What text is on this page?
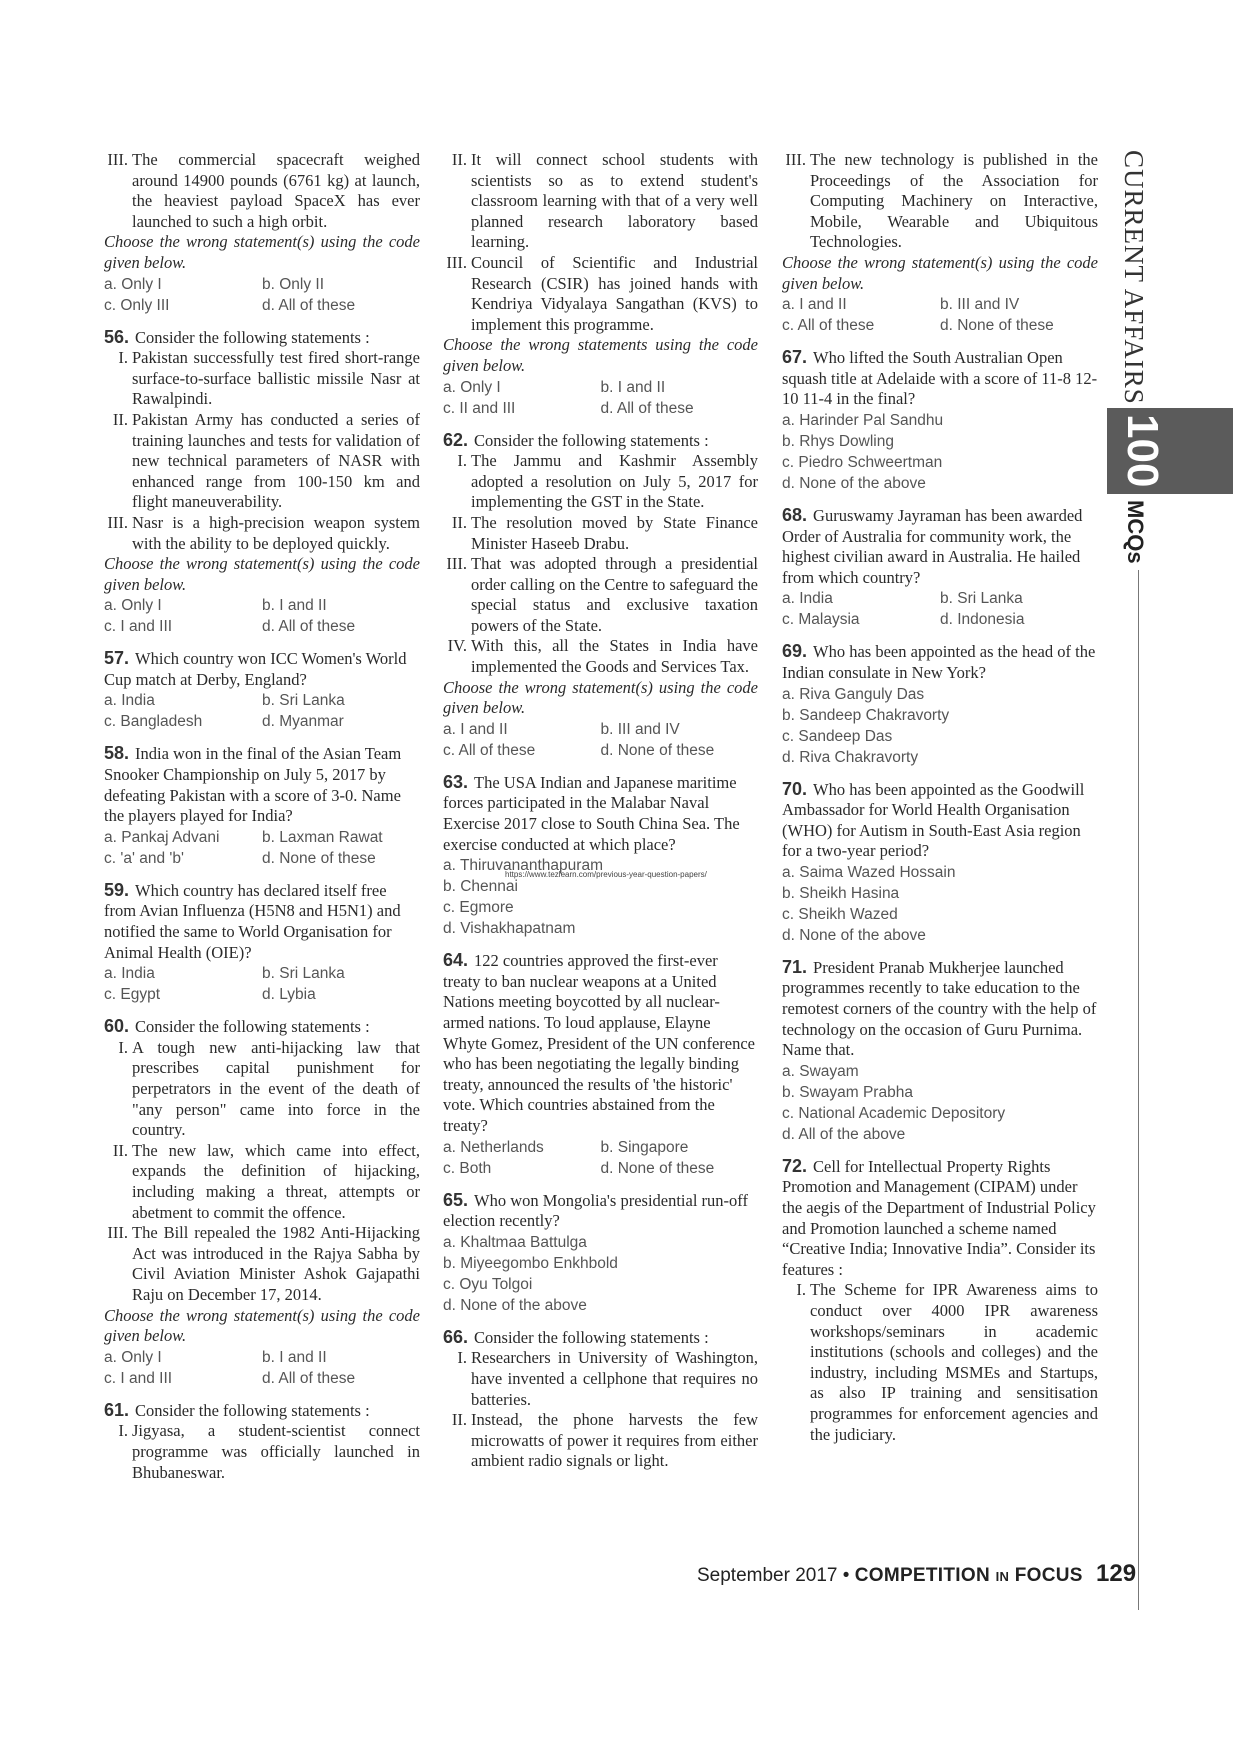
III. The commercial spacecraft weighed around 14900 pounds (6761 kg) at launch, the heaviest payload SpaceX has ever launched to such a high orbit.
Choose the wrong statement(s) using the code given below.
a. Only I	b. Only II
c. Only III	d. All of these
56. Consider the following statements :
I. Pakistan successfully test fired short-range surface-to-surface ballistic missile Nasr at Rawalpindi.
II. Pakistan Army has conducted a series of training launches and tests for validation of new technical parameters of NASR with enhanced range from 100-150 km and flight maneuverability.
III. Nasr is a high-precision weapon system with the ability to be deployed quickly.
Choose the wrong statement(s) using the code given below.
a. Only I	b. I and II
c. I and III	d. All of these
57. Which country won ICC Women's World Cup match at Derby, England?
a. India	b. Sri Lanka
c. Bangladesh	d. Myanmar
58. India won in the final of the Asian Team Snooker Championship on July 5, 2017 by defeating Pakistan with a score of 3-0. Name the players played for India?
a. Pankaj Advani	b. Laxman Rawat
c. 'a' and 'b'	d. None of these
59. Which country has declared itself free from Avian Influenza (H5N8 and H5N1) and notified the same to World Organisation for Animal Health (OIE)?
a. India	b. Sri Lanka
c. Egypt	d. Lybia
60. Consider the following statements :
I. A tough new anti-hijacking law that prescribes capital punishment for perpetrators in the event of the death of "any person" came into force in the country.
II. The new law, which came into effect, expands the definition of hijacking, including making a threat, attempts or abetment to commit the offence.
III. The Bill repealed the 1982 Anti-Hijacking Act was introduced in the Rajya Sabha by Civil Aviation Minister Ashok Gajapathi Raju on December 17, 2014.
Choose the wrong statement(s) using the code given below.
a. Only I	b. I and II
c. I and III	d. All of these
61. Consider the following statements :
I. Jigyasa, a student-scientist connect programme was officially launched in Bhubaneswar.
II. It will connect school students with scientists so as to extend student's classroom learning with that of a very well planned research laboratory based learning.
III. Council of Scientific and Industrial Research (CSIR) has joined hands with Kendriya Vidyalaya Sangathan (KVS) to implement this programme.
Choose the wrong statements using the code given below.
a. Only I	b. I and II
c. II and III	d. All of these
62. Consider the following statements :
I. The Jammu and Kashmir Assembly adopted a resolution on July 5, 2017 for implementing the GST in the State.
II. The resolution moved by State Finance Minister Haseeb Drabu.
III. That was adopted through a presidential order calling on the Centre to safeguard the special status and exclusive taxation powers of the State.
IV. With this, all the States in India have implemented the Goods and Services Tax.
Choose the wrong statement(s) using the code given below.
a. I and II	b. III and IV
c. All of these	d. None of these
63. The USA Indian and Japanese maritime forces participated in the Malabar Naval Exercise 2017 close to South China Sea. The exercise conducted at which place?
a. Thiruvananthapuram
b. Chennai
c. Egmore
d. Vishakhapatnam
64. 122 countries approved the first-ever treaty to ban nuclear weapons at a United Nations meeting boycotted by all nuclear-armed nations. To loud applause, Elayne Whyte Gomez, President of the UN conference who has been negotiating the legally binding treaty, announced the results of 'the historic' vote. Which countries abstained from the treaty?
a. Netherlands	b. Singapore
c. Both	d. None of these
65. Who won Mongolia's presidential run-off election recently?
a. Khaltmaa Battulga
b. Miyeegombo Enkhbold
c. Oyu Tolgoi
d. None of the above
66. Consider the following statements :
I. Researchers in University of Washington, have invented a cellphone that requires no batteries.
II. Instead, the phone harvests the few microwatts of power it requires from either ambient radio signals or light.
III. The new technology is published in the Proceedings of the Association for Computing Machinery on Interactive, Mobile, Wearable and Ubiquitous Technologies.
Choose the wrong statement(s) using the code given below.
a. I and II	b. III and IV
c. All of these	d. None of these
67. Who lifted the South Australian Open squash title at Adelaide with a score of 11-8 12-10 11-4 in the final?
a. Harinder Pal Sandhu
b. Rhys Dowling
c. Piedro Schweertman
d. None of the above
68. Guruswamy Jayraman has been awarded Order of Australia for community work, the highest civilian award in Australia. He hailed from which country?
a. India	b. Sri Lanka
c. Malaysia	d. Indonesia
69. Who has been appointed as the head of the Indian consulate in New York?
a. Riva Ganguly Das
b. Sandeep Chakravorty
c. Sandeep Das
d. Riva Chakravorty
70. Who has been appointed as the Goodwill Ambassador for World Health Organisation (WHO) for Autism in South-East Asia region for a two-year period?
a. Saima Wazed Hossain
b. Sheikh Hasina
c. Sheikh Wazed
d. None of the above
71. President Pranab Mukherjee launched programmes recently to take education to the remotest corners of the country with the help of technology on the occasion of Guru Purnima. Name that.
a. Swayam
b. Swayam Prabha
c. National Academic Depository
d. All of the above
72. Cell for Intellectual Property Rights Promotion and Management (CIPAM) under the aegis of the Department of Industrial Policy and Promotion launched a scheme named “Creative India; Innovative India”. Consider its features :
I. The Scheme for IPR Awareness aims to conduct over 4000 IPR awareness workshops/seminars in academic institutions (schools and colleges) and the industry, including MSMEs and Startups, as also IP training and sensitisation programmes for enforcement agencies and the judiciary.
https://www.tezlearn.com/previous-year-question-papers/
CURRENT AFFAIRS
100
MCQs
September 2017 • COMPETITION IN FOCUS 129
